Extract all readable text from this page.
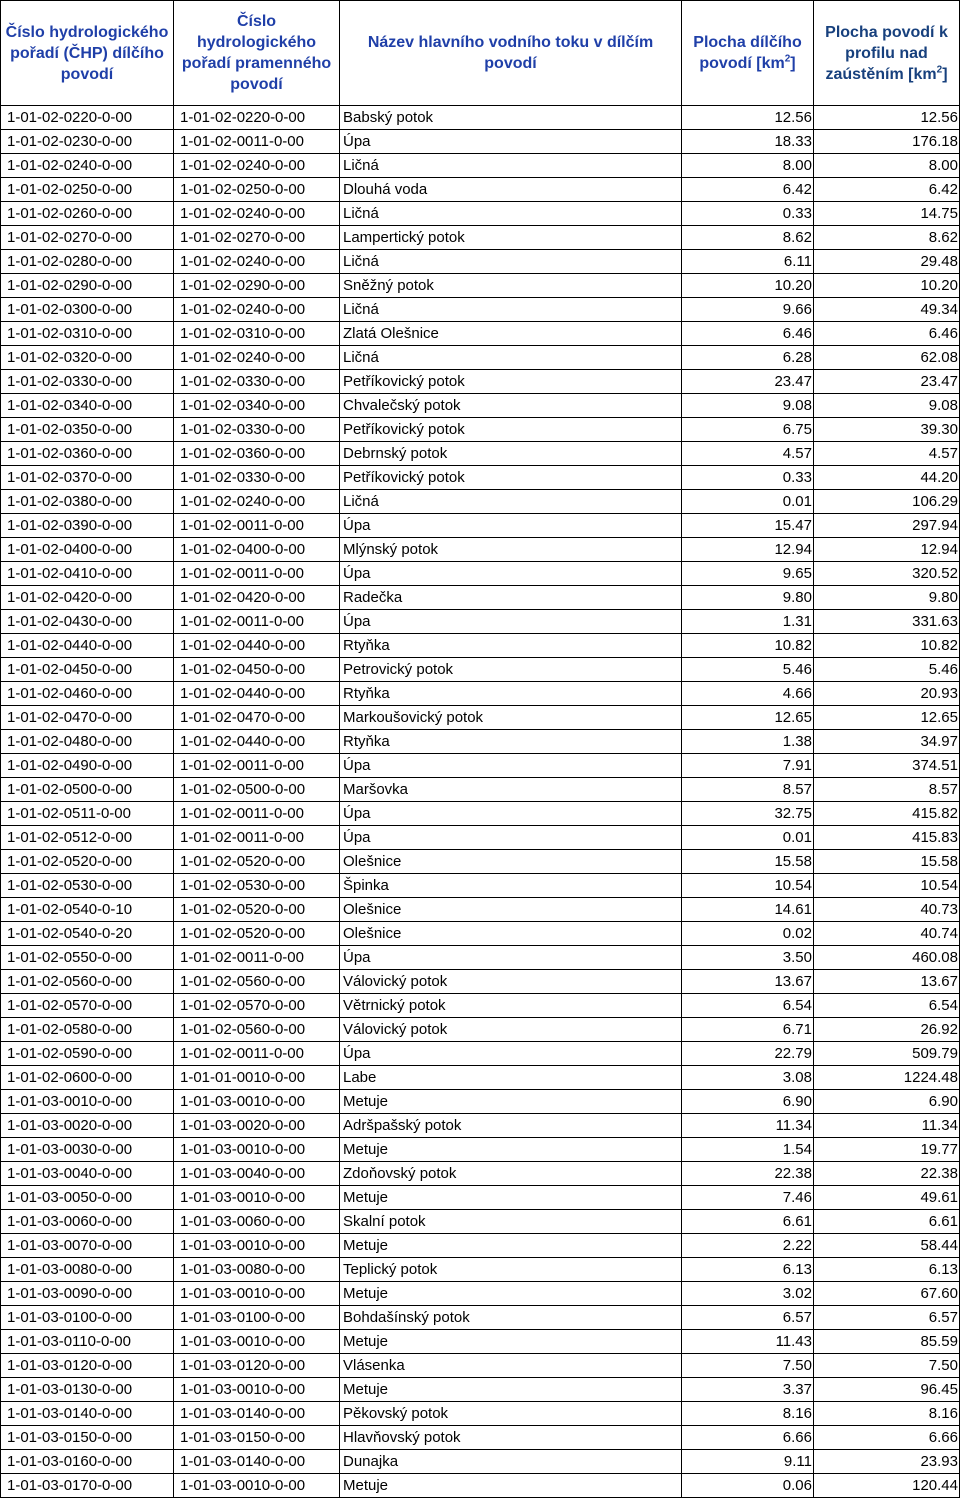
Číslo hydrologického pořadí (ČHP) dílčího povodí	Číslo hydrologického pořadí pramenného povodí	Název hlavního vodního toku v dílčím povodí	Plocha dílčího povodí $[km^2]$	Plocha povodí k profilu nad zaústěním $[km^2]$
1-01-02-0220-0-00	1-01-02-0220-0-00	Babský potok	12.56	12.56
1-01-02-0230-0-00	1-01-02-0011-0-00	Úpa	18.33	176.18
1-01-02-0240-0-00	1-01-02-0240-0-00	Ličná	8.00	8.00
1-01-02-0250-0-00	1-01-02-0250-0-00	Dlouhá voda	6.42	6.42
1-01-02-0260-0-00	1-01-02-0240-0-00	Ličná	0.33	14.75
1-01-02-0270-0-00	1-01-02-0270-0-00	Lampertický potok	8.62	8.62
1-01-02-0280-0-00	1-01-02-0240-0-00	Ličná	6.11	29.48
1-01-02-0290-0-00	1-01-02-0290-0-00	Sněžný potok	10.20	10.20
1-01-02-0300-0-00	1-01-02-0240-0-00	Ličná	9.66	49.34
1-01-02-0310-0-00	1-01-02-0310-0-00	Zlatá Olešnice	6.46	6.46
1-01-02-0320-0-00	1-01-02-0240-0-00	Ličná	6.28	62.08
1-01-02-0330-0-00	1-01-02-0330-0-00	Petříkovický potok	23.47	23.47
1-01-02-0340-0-00	1-01-02-0340-0-00	Chvalečský potok	9.08	9.08
1-01-02-0350-0-00	1-01-02-0330-0-00	Petříkovický potok	6.75	39.30
1-01-02-0360-0-00	1-01-02-0360-0-00	Debrnský potok	4.57	4.57
1-01-02-0370-0-00	1-01-02-0330-0-00	Petříkovický potok	0.33	44.20
1-01-02-0380-0-00	1-01-02-0240-0-00	Ličná	0.01	106.29
1-01-02-0390-0-00	1-01-02-0011-0-00	Úpa	15.47	297.94
1-01-02-0400-0-00	1-01-02-0400-0-00	Mlýnský potok	12.94	12.94
1-01-02-0410-0-00	1-01-02-0011-0-00	Úpa	9.65	320.52
1-01-02-0420-0-00	1-01-02-0420-0-00	Radečka	9.80	9.80
1-01-02-0430-0-00	1-01-02-0011-0-00	Úpa	1.31	331.63
1-01-02-0440-0-00	1-01-02-0440-0-00	Rtyňka	10.82	10.82
1-01-02-0450-0-00	1-01-02-0450-0-00	Petrovický potok	5.46	5.46
1-01-02-0460-0-00	1-01-02-0440-0-00	Rtyňka	4.66	20.93
1-01-02-0470-0-00	1-01-02-0470-0-00	Markoušovický potok	12.65	12.65
1-01-02-0480-0-00	1-01-02-0440-0-00	Rtyňka	1.38	34.97
1-01-02-0490-0-00	1-01-02-0011-0-00	Úpa	7.91	374.51
1-01-02-0500-0-00	1-01-02-0500-0-00	Maršovka	8.57	8.57
1-01-02-0511-0-00	1-01-02-0011-0-00	Úpa	32.75	415.82
1-01-02-0512-0-00	1-01-02-0011-0-00	Úpa	0.01	415.83
1-01-02-0520-0-00	1-01-02-0520-0-00	Olešnice	15.58	15.58
1-01-02-0530-0-00	1-01-02-0530-0-00	Špinka	10.54	10.54
1-01-02-0540-0-10	1-01-02-0520-0-00	Olešnice	14.61	40.73
1-01-02-0540-0-20	1-01-02-0520-0-00	Olešnice	0.02	40.74
1-01-02-0550-0-00	1-01-02-0011-0-00	Úpa	3.50	460.08
1-01-02-0560-0-00	1-01-02-0560-0-00	Válovický potok	13.67	13.67
1-01-02-0570-0-00	1-01-02-0570-0-00	Větrnický potok	6.54	6.54
1-01-02-0580-0-00	1-01-02-0560-0-00	Válovický potok	6.71	26.92
1-01-02-0590-0-00	1-01-02-0011-0-00	Úpa	22.79	509.79
1-01-02-0600-0-00	1-01-01-0010-0-00	Labe	3.08	1224.48
1-01-03-0010-0-00	1-01-03-0010-0-00	Metuje	6.90	6.90
1-01-03-0020-0-00	1-01-03-0020-0-00	Adršpašský potok	11.34	11.34
1-01-03-0030-0-00	1-01-03-0010-0-00	Metuje	1.54	19.77
1-01-03-0040-0-00	1-01-03-0040-0-00	Zdoňovský potok	22.38	22.38
1-01-03-0050-0-00	1-01-03-0010-0-00	Metuje	7.46	49.61
1-01-03-0060-0-00	1-01-03-0060-0-00	Skalní potok	6.61	6.61
1-01-03-0070-0-00	1-01-03-0010-0-00	Metuje	2.22	58.44
1-01-03-0080-0-00	1-01-03-0080-0-00	Teplický potok	6.13	6.13
1-01-03-0090-0-00	1-01-03-0010-0-00	Metuje	3.02	67.60
1-01-03-0100-0-00	1-01-03-0100-0-00	Bohdašínský potok	6.57	6.57
1-01-03-0110-0-00	1-01-03-0010-0-00	Metuje	11.43	85.59
1-01-03-0120-0-00	1-01-03-0120-0-00	Vlásenka	7.50	7.50
1-01-03-0130-0-00	1-01-03-0010-0-00	Metuje	3.37	96.45
1-01-03-0140-0-00	1-01-03-0140-0-00	Pěkovský potok	8.16	8.16
1-01-03-0150-0-00	1-01-03-0150-0-00	Hlavňovský potok	6.66	6.66
1-01-03-0160-0-00	1-01-03-0140-0-00	Dunajka	9.11	23.93
1-01-03-0170-0-00	1-01-03-0010-0-00	Metuje	0.06	120.44
